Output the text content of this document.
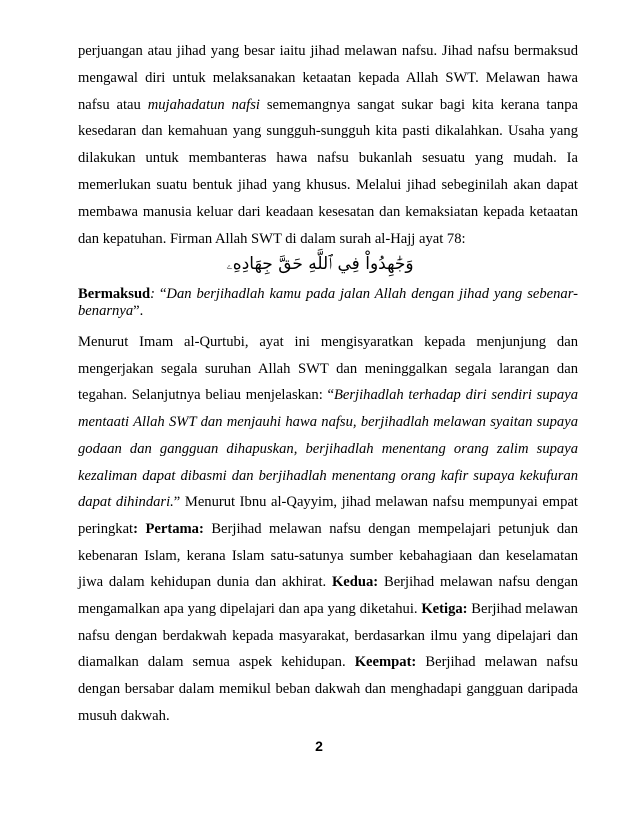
perjuangan atau jihad yang besar iaitu jihad melawan nafsu. Jihad nafsu bermaksud mengawal diri untuk melaksanakan ketaatan kepada Allah SWT. Melawan hawa nafsu atau mujahadatun nafsi sememangnya sangat sukar bagi kita kerana tanpa kesedaran dan kemahuan yang sungguh-sungguh kita pasti dikalahkan. Usaha yang dilakukan untuk membanteras hawa nafsu bukanlah sesuatu yang mudah. Ia memerlukan suatu bentuk jihad yang khusus. Melalui jihad sebeginilah akan dapat membawa manusia keluar dari keadaan kesesatan dan kemaksiatan kepada ketaatan dan kepatuhan. Firman Allah SWT di dalam surah al-Hajj ayat 78:

وَجَٰهِدُواْ فِي ٱللَّهِ حَقَّ جِهَادِهِۦ

Bermaksud: “Dan berjihadlah kamu pada jalan Allah dengan jihad yang sebenar-benarnya”.

Menurut Imam al-Qurtubi, ayat ini mengisyaratkan kepada menjunjung dan mengerjakan segala suruhan Allah SWT dan meninggalkan segala larangan dan tegahan. Selanjutnya beliau menjelaskan: “Berjihadlah terhadap diri sendiri supaya mentaati Allah SWT dan menjauhi hawa nafsu, berjihadlah melawan syaitan supaya godaan dan gangguan dihapuskan, berjihadlah menentang orang zalim supaya kezaliman dapat dibasmi dan berjihadlah menentang orang kafir supaya kekufuran dapat dihindari.” Menurut Ibnu al-Qayyim, jihad melawan nafsu mempunyai empat peringkat: Pertama: Berjihad melawan nafsu dengan mempelajari petunjuk dan kebenaran Islam, kerana Islam satu-satunya sumber kebahagiaan dan keselamatan jiwa dalam kehidupan dunia dan akhirat. Kedua: Berjihad melawan nafsu dengan mengamalkan apa yang dipelajari dan apa yang diketahui. Ketiga: Berjihad melawan nafsu dengan berdakwah kepada masyarakat, berdasarkan ilmu yang dipelajari dan diamalkan dalam semua aspek kehidupan. Keempat: Berjihad melawan nafsu dengan bersabar dalam memikul beban dakwah dan menghadapi gangguan daripada musuh dakwah.

2
